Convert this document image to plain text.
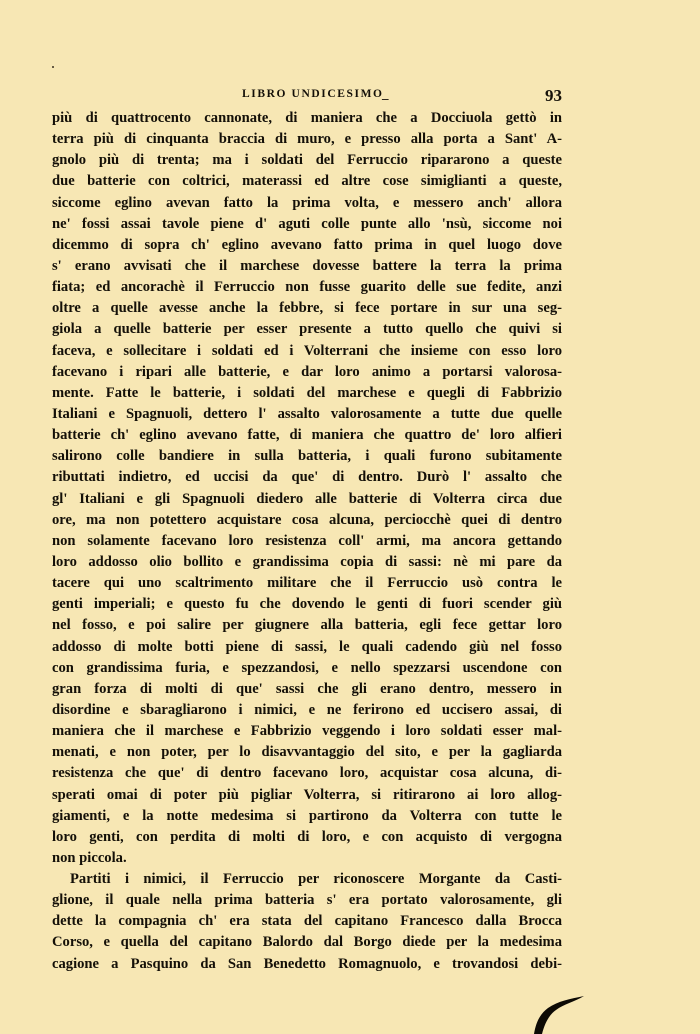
LIBRO UNDICESIMO
_	93
più di quattrocento cannonate, di maniera che a Docciuola gettò in
terra più di cinquanta braccia di muro, e presso alla porta a Sant' A-
gnolo più di trenta; ma i soldati del Ferruccio ripararono a queste
due batterie con coltrici, materassi ed altre cose simiglianti a queste,
siccome eglino avevan fatto la prima volta, e messero anch' allora
ne' fossi assai tavole piene d' aguti colle punte allo 'nsù, siccome noi
dicemmo di sopra ch' eglino avevano fatto prima in quel luogo dove
s' erano avvisati che il marchese dovesse battere la terra la prima
fiata; ed ancorachè il Ferruccio non fusse guarito delle sue fedite, anzi
oltre a quelle avesse anche la febbre, si fece portare in sur una seg-
giola a quelle batterie per esser presente a tutto quello che quivi si
faceva, e sollecitare i soldati ed i Volterrani che insieme con esso loro
facevano i ripari alle batterie, e dar loro animo a portarsi valorosa-
mente. Fatte le batterie, i soldati del marchese e quegli di Fabbrizio
Italiani e Spagnuoli, dettero l' assalto valorosamente a tutte due quelle
batterie ch' eglino avevano fatte, di maniera che quattro de' loro alfieri
salirono colle bandiere in sulla batteria, i quali furono subitamente
ributtati indietro, ed uccisi da que' di dentro. Durò l' assalto che
gl' Italiani e gli Spagnuoli diedero alle batterie di Volterra circa due
ore, ma non potettero acquistare cosa alcuna, perciocchè quei di dentro
non solamente facevano loro resistenza coll' armi, ma ancora gettando
loro addosso olio bollito e grandissima copia di sassi: nè mi pare da
tacere qui uno scaltrimento militare che il Ferruccio usò contra le
genti imperiali; e questo fu che dovendo le genti di fuori scender giù
nel fosso, e poi salire per giugnere alla batteria, egli fece gettar loro
addosso di molte botti piene di sassi, le quali cadendo giù nel fosso
con grandissima furia, e spezzandosi, e nello spezzarsi uscendone con
gran forza di molti di que' sassi che gli erano dentro, messero in
disordine e sbaragliarono i nimici, e ne ferirono ed uccisero assai, di
maniera che il marchese e Fabbrizio veggendo i loro soldati esser mal-
menati, e non poter, per lo disavvantaggio del sito, e per la gagliarda
resistenza che que' di dentro facevano loro, acquistar cosa alcuna, di-
sperati omai di poter più pigliar Volterra, si ritirarono ai loro allog-
giamenti, e la notte medesima si partirono da Volterra con tutte le
loro genti, con perdita di molti di loro, e con acquisto di vergogna
non piccola.
Partiti i nimici, il Ferruccio per riconoscere Morgante da Casti-
glione, il quale nella prima batteria s' era portato valorosamente, gli
dette la compagnia ch' era stata del capitano Francesco dalla Brocca
Corso, e quella del capitano Balordo dal Borgo diede per la medesima
cagione a Pasquino da San Benedetto Romagnuolo, e trovandosi debi-
